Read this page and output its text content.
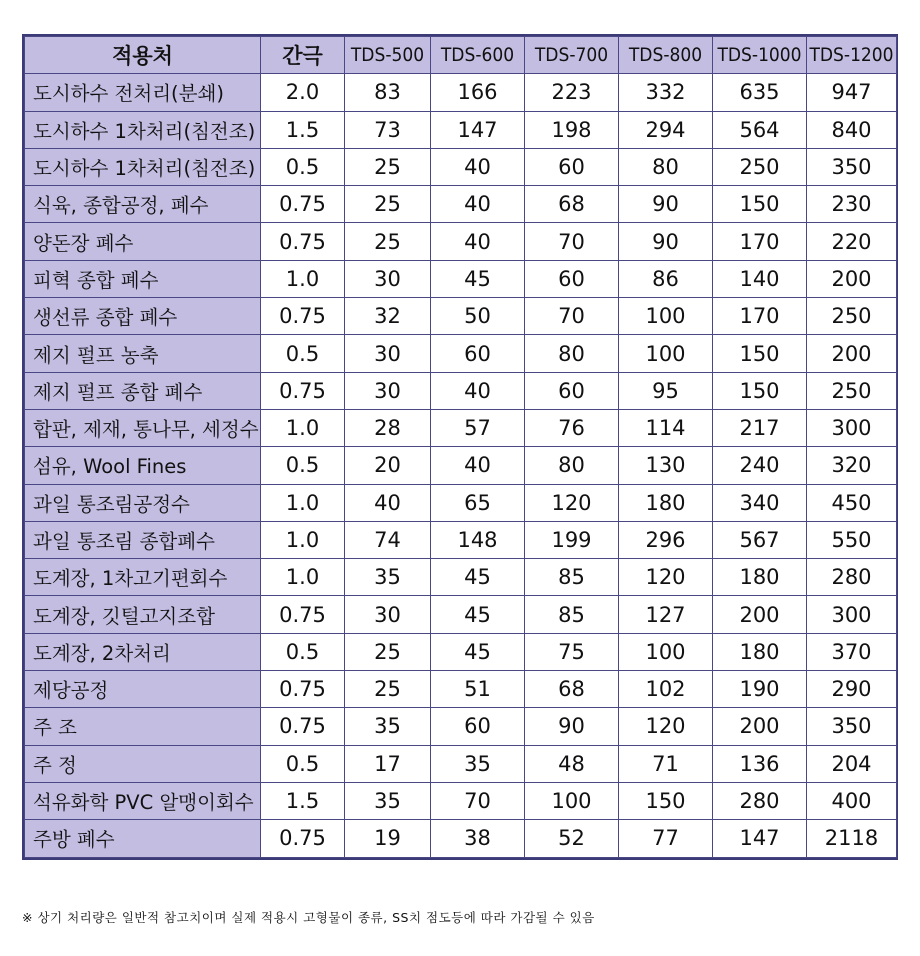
적용처	간극	TDS-500	TDS-600	TDS-700	TDS-800	TDS-1000	TDS-1200
도시하수 전처리(분쇄)	2.0	83	166	223	332	635	947
도시하수 1차처리(침전조)	1.5	73	147	198	294	564	840
도시하수 1차처리(침전조)	0.5	25	40	60	80	250	350
식육, 종합공정, 폐수	0.75	25	40	68	90	150	230
양돈장 폐수	0.75	25	40	70	90	170	220
피혁 종합 폐수	1.0	30	45	60	86	140	200
생선류 종합 폐수	0.75	32	50	70	100	170	250
제지 펄프 농축	0.5	30	60	80	100	150	200
제지 펄프 종합 폐수	0.75	30	40	60	95	150	250
합판, 제재, 통나무, 세정수	1.0	28	57	76	114	217	300
섬유, Wool Fines	0.5	20	40	80	130	240	320
과일 통조림공정수	1.0	40	65	120	180	340	450
과일 통조림 종합폐수	1.0	74	148	199	296	567	550
도계장, 1차고기편회수	1.0	35	45	85	120	180	280
도계장, 깃털고지조합	0.75	30	45	85	127	200	300
도계장, 2차처리	0.5	25	45	75	100	180	370
제당공정	0.75	25	51	68	102	190	290
주 조	0.75	35	60	90	120	200	350
주 정	0.5	17	35	48	71	136	204
석유화학 PVC 알맹이회수	1.5	35	70	100	150	280	400
주방 폐수	0.75	19	38	52	77	147	2118
※ 상기 처리량은 일반적 참고치이며 실제 적용시 고형물이 종류, SS치 점도등에 따라 가감될 수 있음
